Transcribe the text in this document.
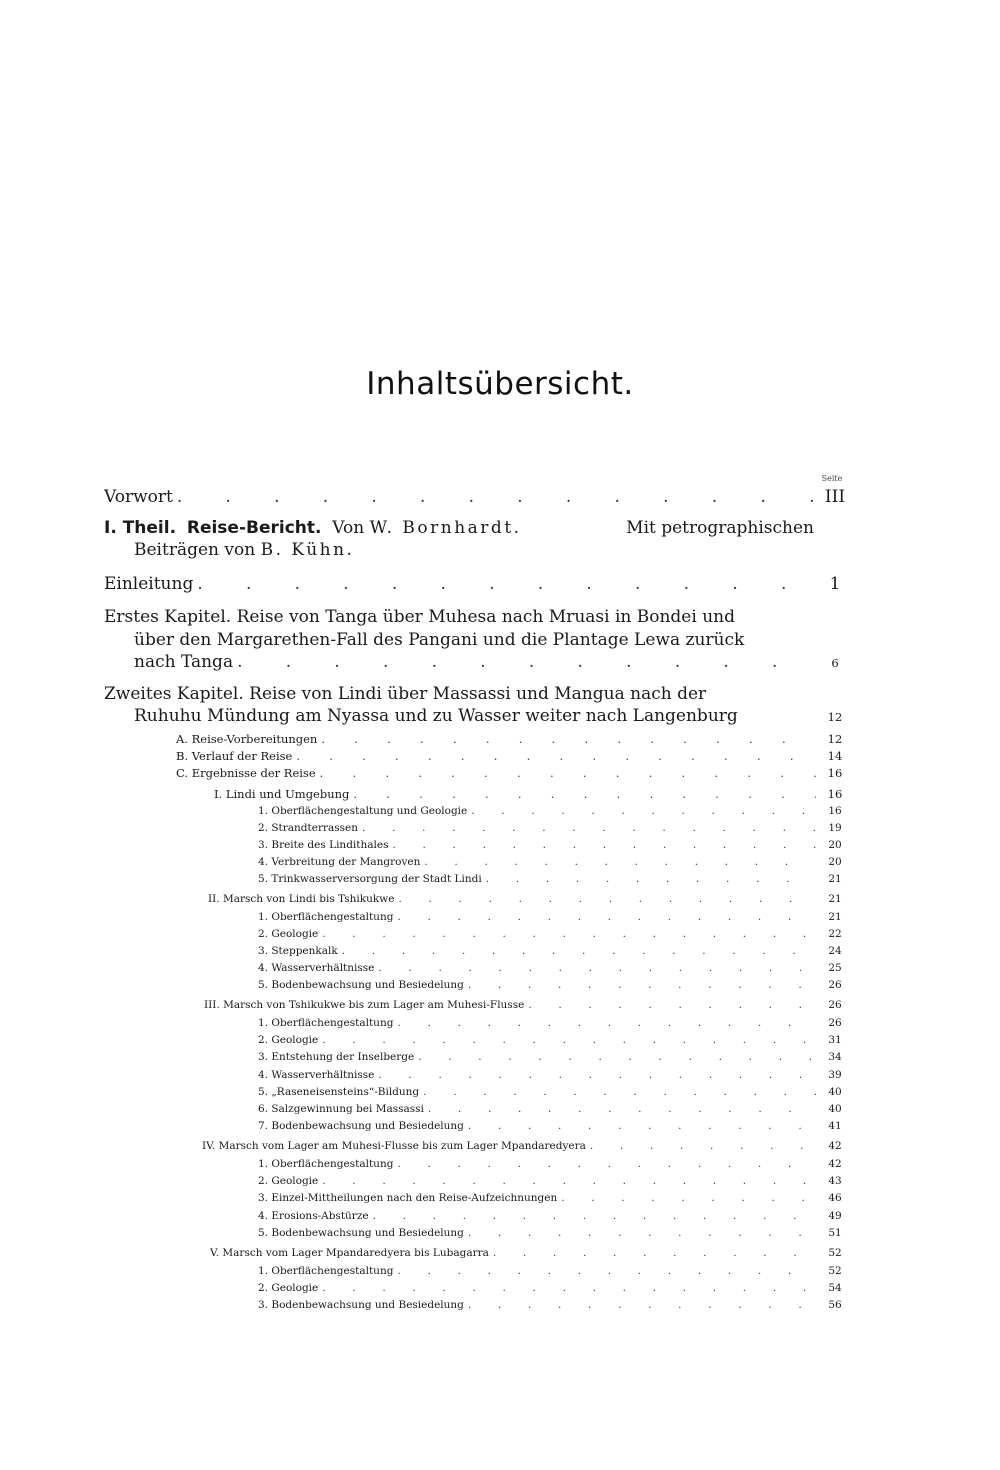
Inhaltsübersicht.
Seite
Vorwort .	III
I. Theil. Reise-Bericht. Von W. Bornhardt.	Mit petrographischen
Beiträgen von B. Kühn.
Einleitung .	1
Erstes Kapitel. Reise von Tanga über Muhesa nach Mruasi in Bondei und
über den Margarethen-Fall des Pangani und die Plantage Lewa zurück
nach Tanga .	6
Zweites Kapitel. Reise von Lindi über Massassi und Mangua nach der
Ruhuhu Mündung am Nyassa und zu Wasser weiter nach Langenburg	12
A. Reise-Vorbereitungen .	12
B. Verlauf der Reise .	14
C. Ergebnisse der Reise .	16
I. Lindi und Umgebung .	16
1. Oberflächengestaltung und Geologie .	16
2. Strandterrassen .	19
3. Breite des Lindithales .	20
4. Verbreitung der Mangroven .	20
5. Trinkwasserversorgung der Stadt Lindi .	21
II. Marsch von Lindi bis Tshikukwe .	21
1. Oberflächengestaltung .	21
2. Geologie .	22
3. Steppenkalk .	24
4. Wasserverhältnisse .	25
5. Bodenbewachsung und Besiedelung .	26
III. Marsch von Tshikukwe bis zum Lager am Muhesi-Flusse .	26
1. Oberflächengestaltung .	26
2. Geologie .	31
3. Entstehung der Inselberge .	34
4. Wasserverhältnisse .	39
5. „Raseneisensteins“-Bildung .	40
6. Salzgewinnung bei Massassi .	40
7. Bodenbewachsung und Besiedelung .	41
IV. Marsch vom Lager am Muhesi-Flusse bis zum Lager Mpandaredyera .	42
1. Oberflächengestaltung .	42
2. Geologie .	43
3. Einzel-Mittheilungen nach den Reise-Aufzeichnungen .	46
4. Erosions-Abstürze .	49
5. Bodenbewachsung und Besiedelung .	51
V. Marsch vom Lager Mpandaredyera bis Lubagarra .	52
1. Oberflächengestaltung .	52
2. Geologie .	54
3. Bodenbewachsung und Besiedelung .	56
